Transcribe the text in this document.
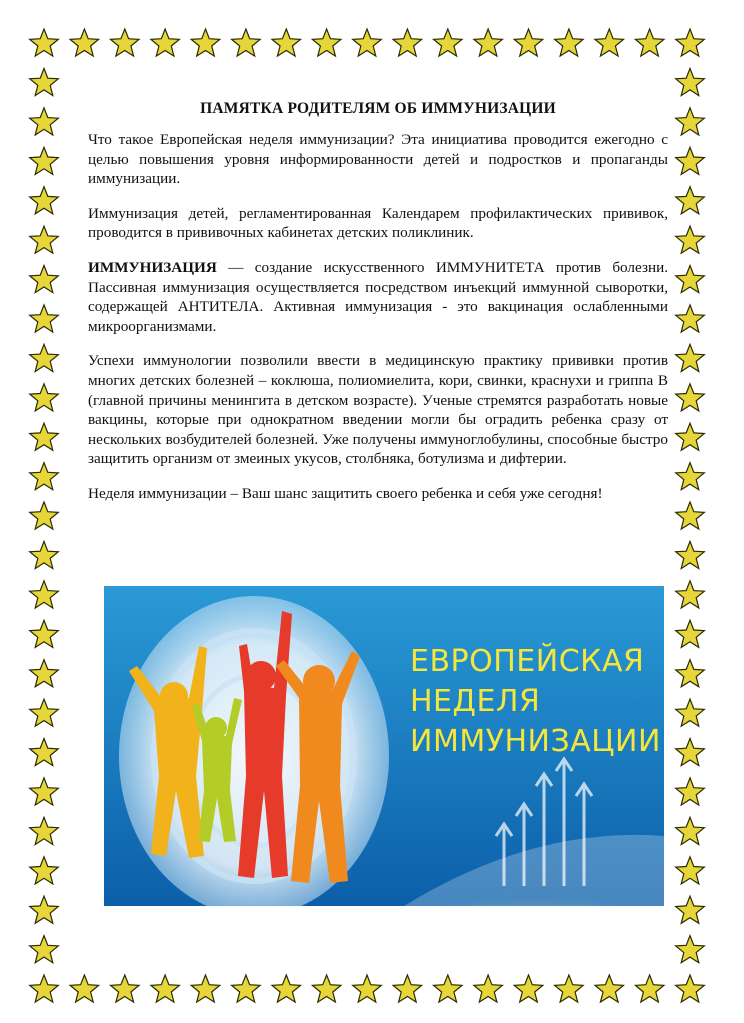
ПАМЯТКА РОДИТЕЛЯМ ОБ ИММУНИЗАЦИИ

Что такое Европейская неделя иммунизации? Эта инициатива проводится ежегодно с целью повышения уровня информированности детей и подростков и пропаганды иммунизации.

Иммунизация детей, регламентированная Календарем профилактических прививок, проводится в прививочных кабинетах детских поликлиник.

ИММУНИЗАЦИЯ — создание искусственного ИММУНИТЕТА против болезни. Пассивная иммунизация осуществляется посредством инъекций иммунной сыворотки, содержащей АНТИТЕЛА. Активная иммунизация - это вакцинация ослабленными микроорганизмами.

Успехи иммунологии позволили ввести в медицинскую практику прививки против многих детских болезней – коклюша, полиомиелита, кори, свинки, краснухи и гриппа В (главной причины менингита в детском возрасте). Ученые стремятся разработать новые вакцины, которые при однократном введении могли бы оградить ребенка сразу от нескольких возбудителей болезней. Уже получены иммуноглобулины, способные быстро защитить организм от змеиных укусов, столбняка, ботулизма и дифтерии.

Неделя иммунизации – Ваш шанс защитить своего ребенка и себя уже сегодня!

ЕВРОПЕЙСКАЯ
НЕДЕЛЯ
ИММУНИЗАЦИИ
